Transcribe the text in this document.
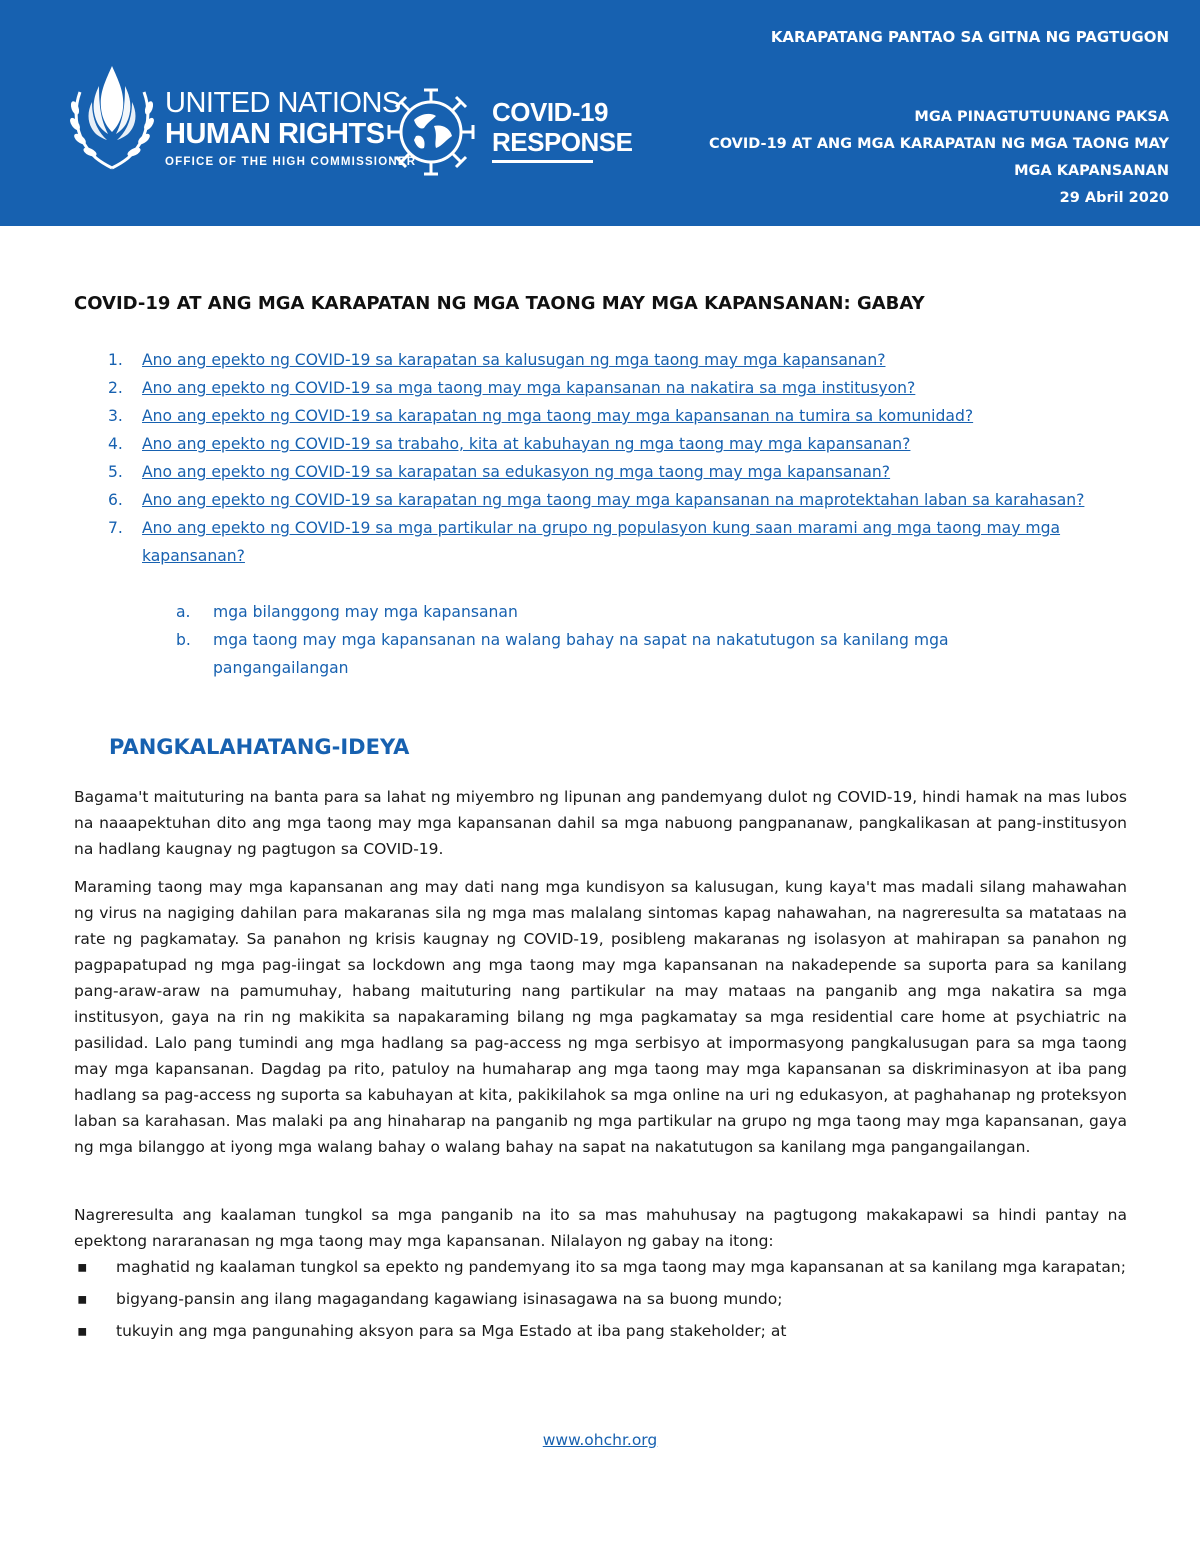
UNITED NATIONS
HUMAN RIGHTS
OFFICE OF THE HIGH COMMISSIONER
COVID-19
RESPONSE
KARAPATANG PANTAO SA GITNA NG PAGTUGON
MGA PINAGTUTUUNANG PAKSA
COVID-19 AT ANG MGA KARAPATAN NG MGA TAONG MAY
MGA KAPANSANAN
29 Abril 2020
COVID-19 AT ANG MGA KARAPATAN NG MGA TAONG MAY MGA KAPANSANAN: GABAY
1. Ano ang epekto ng COVID-19 sa karapatan sa kalusugan ng mga taong may mga kapansanan?
2. Ano ang epekto ng COVID-19 sa mga taong may mga kapansanan na nakatira sa mga institusyon?
3. Ano ang epekto ng COVID-19 sa karapatan ng mga taong may mga kapansanan na tumira sa komunidad?
4. Ano ang epekto ng COVID-19 sa trabaho, kita at kabuhayan ng mga taong may mga kapansanan?
5. Ano ang epekto ng COVID-19 sa karapatan sa edukasyon ng mga taong may mga kapansanan?
6. Ano ang epekto ng COVID-19 sa karapatan ng mga taong may mga kapansanan na maprotektahan laban sa karahasan?
7. Ano ang epekto ng COVID-19 sa mga partikular na grupo ng populasyon kung saan marami ang mga taong may mga kapansanan?
a.	mga bilanggong may mga kapansanan
b.	mga taong may mga kapansanan na walang bahay na sapat na nakatutugon sa kanilang mga pangangailangan
PANGKALAHATANG-IDEYA

Bagama't maituturing na banta para sa lahat ng miyembro ng lipunan ang pandemyang dulot ng COVID-19, hindi hamak na mas lubos na naaapektuhan dito ang mga taong may mga kapansanan dahil sa mga nabuong pangpananaw, pangkalikasan at pang-institusyon na hadlang kaugnay ng pagtugon sa COVID-19.

Maraming taong may mga kapansanan ang may dati nang mga kundisyon sa kalusugan, kung kaya't mas madali silang mahawahan ng virus na nagiging dahilan para makaranas sila ng mga mas malalang sintomas kapag nahawahan, na nagreresulta sa matataas na rate ng pagkamatay. Sa panahon ng krisis kaugnay ng COVID-19, posibleng makaranas ng isolasyon at mahirapan sa panahon ng pagpapatupad ng mga pag-iingat sa lockdown ang mga taong may mga kapansanan na nakadepende sa suporta para sa kanilang pang-araw-araw na pamumuhay, habang maituturing nang partikular na may mataas na panganib ang mga nakatira sa mga institusyon, gaya na rin ng makikita sa napakaraming bilang ng mga pagkamatay sa mga residential care home at psychiatric na pasilidad. Lalo pang tumindi ang mga hadlang sa pag-access ng mga serbisyo at impormasyong pangkalusugan para sa mga taong may mga kapansanan. Dagdag pa rito, patuloy na humaharap ang mga taong may mga kapansanan sa diskriminasyon at iba pang hadlang sa pag-access ng suporta sa kabuhayan at kita, pakikilahok sa mga online na uri ng edukasyon, at paghahanap ng proteksyon laban sa karahasan. Mas malaki pa ang hinaharap na panganib ng mga partikular na grupo ng mga taong may mga kapansanan, gaya ng mga bilanggo at iyong mga walang bahay o walang bahay na sapat na nakatutugon sa kanilang mga pangangailangan.

Nagreresulta ang kaalaman tungkol sa mga panganib na ito sa mas mahuhusay na pagtugong makakapawi sa hindi pantay na epektong nararanasan ng mga taong may mga kapansanan. Nilalayon ng gabay na itong:

▪ maghatid ng kaalaman tungkol sa epekto ng pandemyang ito sa mga taong may mga kapansanan at sa kanilang mga karapatan;
▪ bigyang-pansin ang ilang magagandang kagawiang isinasagawa na sa buong mundo;
▪ tukuyin ang mga pangunahing aksyon para sa Mga Estado at iba pang stakeholder; at
www.ohchr.org
